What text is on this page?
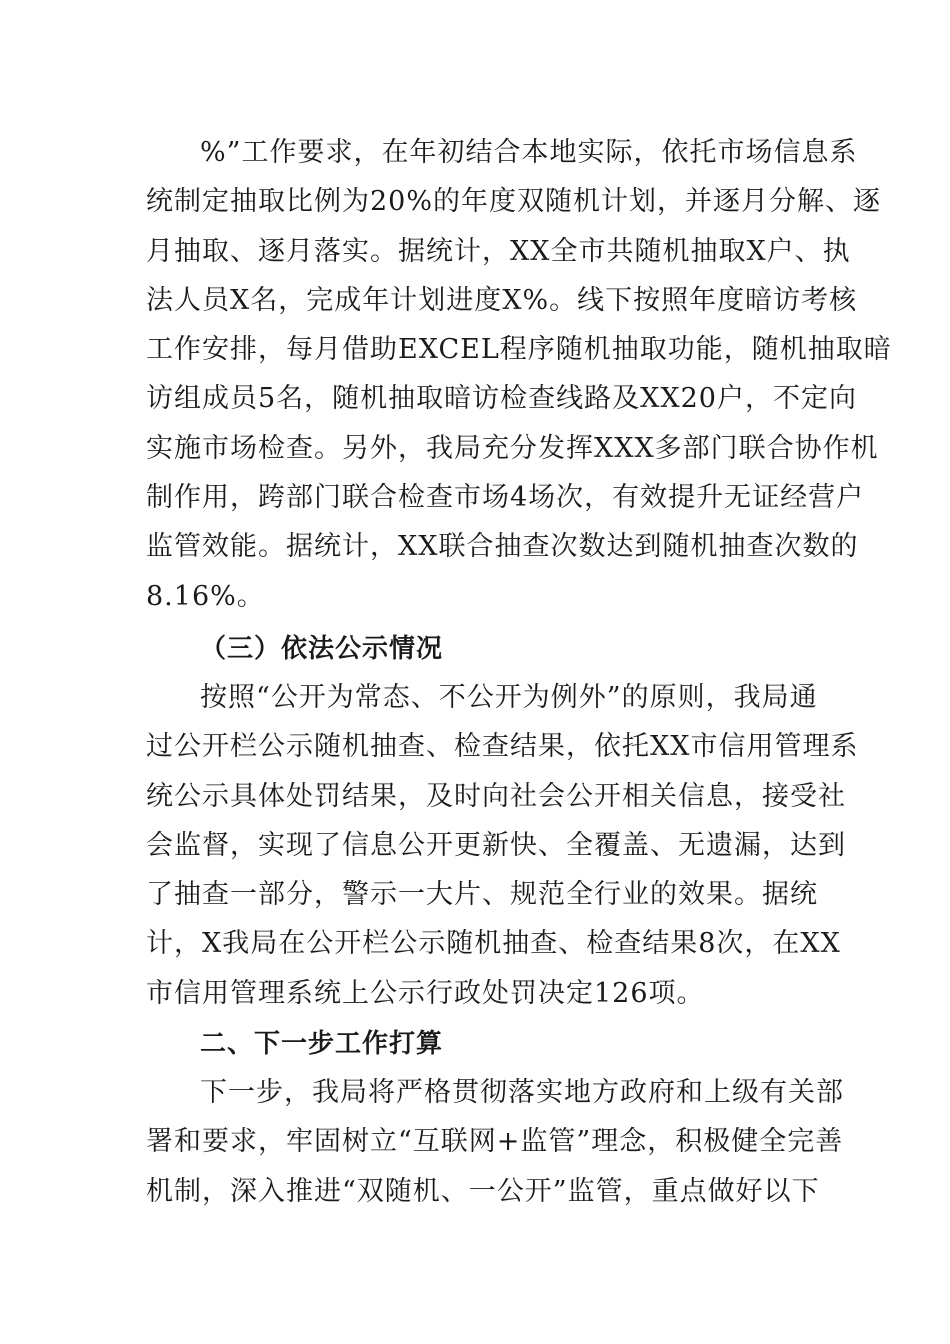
%”工作要求，在年初结合本地实际，依托市场信息系
统制定抽取比例为20%的年度双随机计划，并逐月分解、逐
月抽取、逐月落实。据统计，XX全市共随机抽取X户、执
法人员X名，完成年计划进度X%。线下按照年度暗访考核
工作安排，每月借助EXCEL程序随机抽取功能，随机抽取暗
访组成员5名，随机抽取暗访检查线路及XX20户，不定向
实施市场检查。另外，我局充分发挥XXX多部门联合协作机
制作用，跨部门联合检查市场4场次，有效提升无证经营户
监管效能。据统计，XX联合抽查次数达到随机抽查次数的
8.16%。
（三）依法公示情况
按照“公开为常态、不公开为例外”的原则，我局通
过公开栏公示随机抽查、检查结果，依托XX市信用管理系
统公示具体处罚结果，及时向社会公开相关信息，接受社
会监督，实现了信息公开更新快、全覆盖、无遗漏，达到
了抽查一部分，警示一大片、规范全行业的效果。据统
计，X我局在公开栏公示随机抽查、检查结果8次，在XX
市信用管理系统上公示行政处罚决定126项。
二、下一步工作打算
下一步，我局将严格贯彻落实地方政府和上级有关部
署和要求，牢固树立“互联网+监管”理念，积极健全完善
机制，深入推进“双随机、一公开”监管，重点做好以下
